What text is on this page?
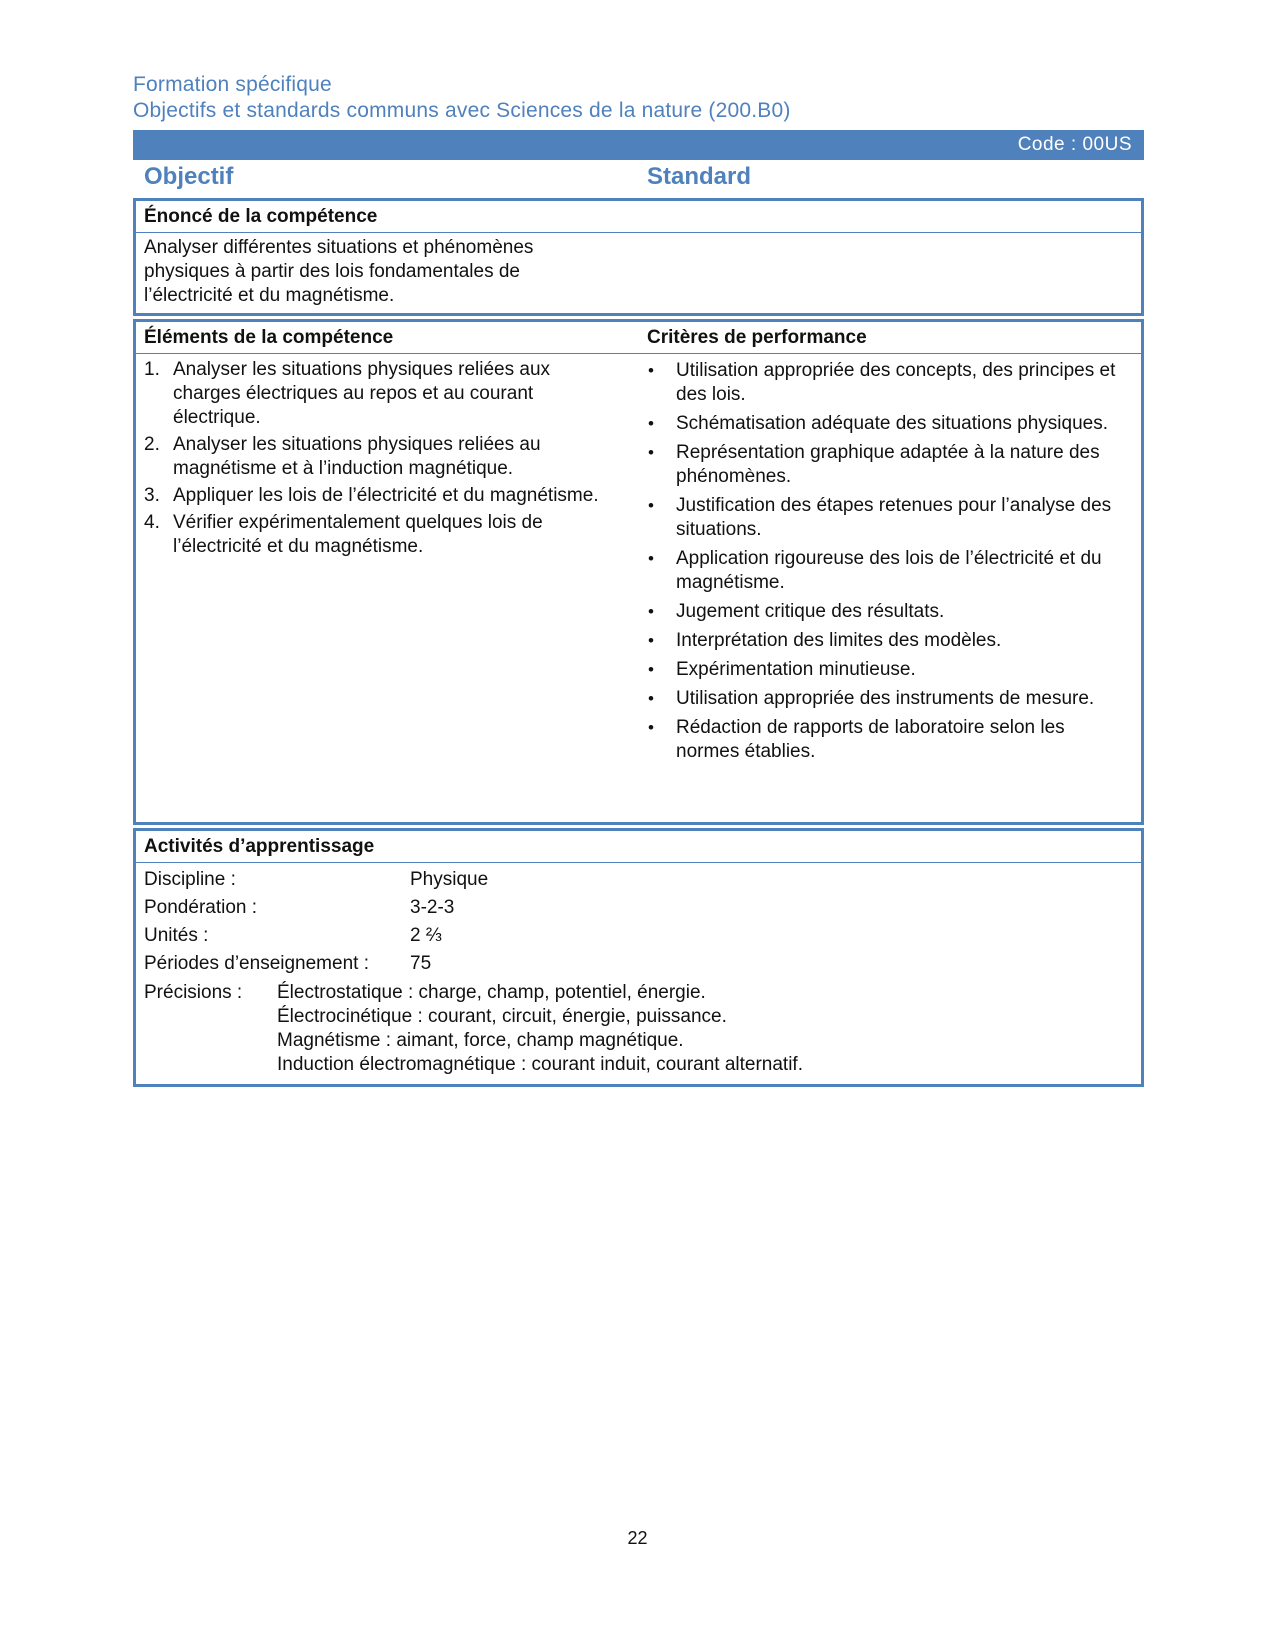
Formation spécifique
Objectifs et standards communs avec Sciences de la nature (200.B0)
Code : 00US
Objectif	Standard
Énoncé de la compétence
Analyser différentes situations et phénomènes physiques à partir des lois fondamentales de l’électricité et du magnétisme.
Éléments de la compétence	Critères de performance
1. Analyser les situations physiques reliées aux charges électriques au repos et au courant électrique.
2. Analyser les situations physiques reliées au magnétisme et à l’induction magnétique.
3. Appliquer les lois de l’électricité et du magnétisme.
4. Vérifier expérimentalement quelques lois de l’électricité et du magnétisme.
• Utilisation appropriée des concepts, des principes et des lois.
• Schématisation adéquate des situations physiques.
• Représentation graphique adaptée à la nature des phénomènes.
• Justification des étapes retenues pour l’analyse des situations.
• Application rigoureuse des lois de l’électricité et du magnétisme.
• Jugement critique des résultats.
• Interprétation des limites des modèles.
• Expérimentation minutieuse.
• Utilisation appropriée des instruments de mesure.
• Rédaction de rapports de laboratoire selon les normes établies.
Activités d’apprentissage
Discipline :	Physique
Pondération :	3-2-3
Unités :	2 ⅔
Périodes d’enseignement : 75
Précisions : Électrostatique : charge, champ, potentiel, énergie.
Électrocinétique : courant, circuit, énergie, puissance.
Magnétisme : aimant, force, champ magnétique.
Induction électromagnétique : courant induit, courant alternatif.
22
